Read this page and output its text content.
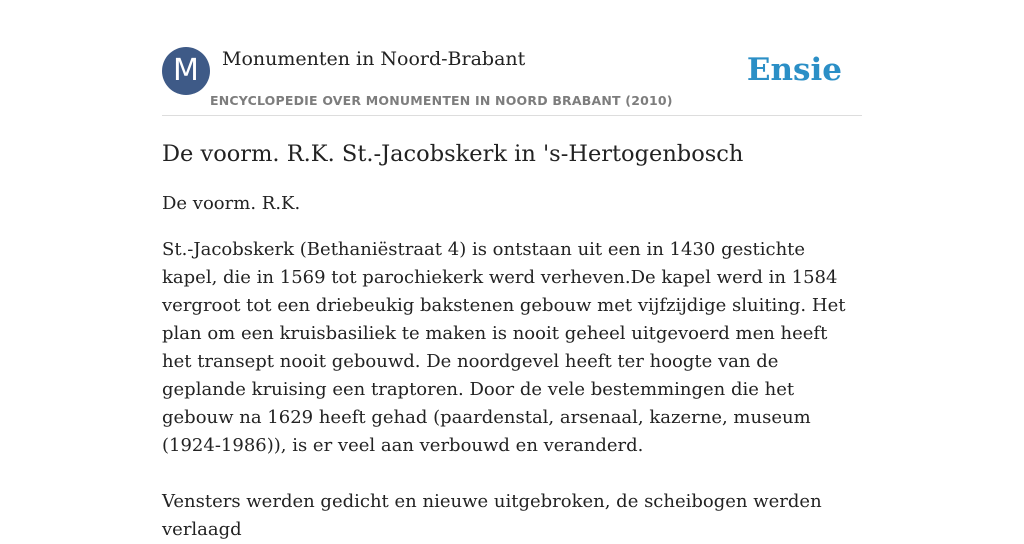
M	Monumenten in Noord-Brabant
ENCYCLOPEDIE OVER MONUMENTEN IN NOORD BRABANT (2010)
Ensie
De voorm. R.K. St.-Jacobskerk in 's-Hertogenbosch

De voorm. R.K.

St.-Jacobskerk (Bethaniëstraat 4) is ontstaan uit een in 1430 gestichte kapel, die in 1569 tot parochiekerk werd verheven.De kapel werd in 1584 vergroot tot een driebeukig bakstenen gebouw met vijfzijdige sluiting. Het plan om een kruisbasiliek te maken is nooit geheel uitgevoerd men heeft het transept nooit gebouwd. De noordgevel heeft ter hoogte van de geplande kruising een traptoren. Door de vele bestemmingen die het gebouw na 1629 heeft gehad (paardenstal, arsenaal, kazerne, museum (1924-1986)), is er veel aan verbouwd en veranderd.

Vensters werden gedicht en nieuwe uitgebroken, de scheibogen werden verlaagd
